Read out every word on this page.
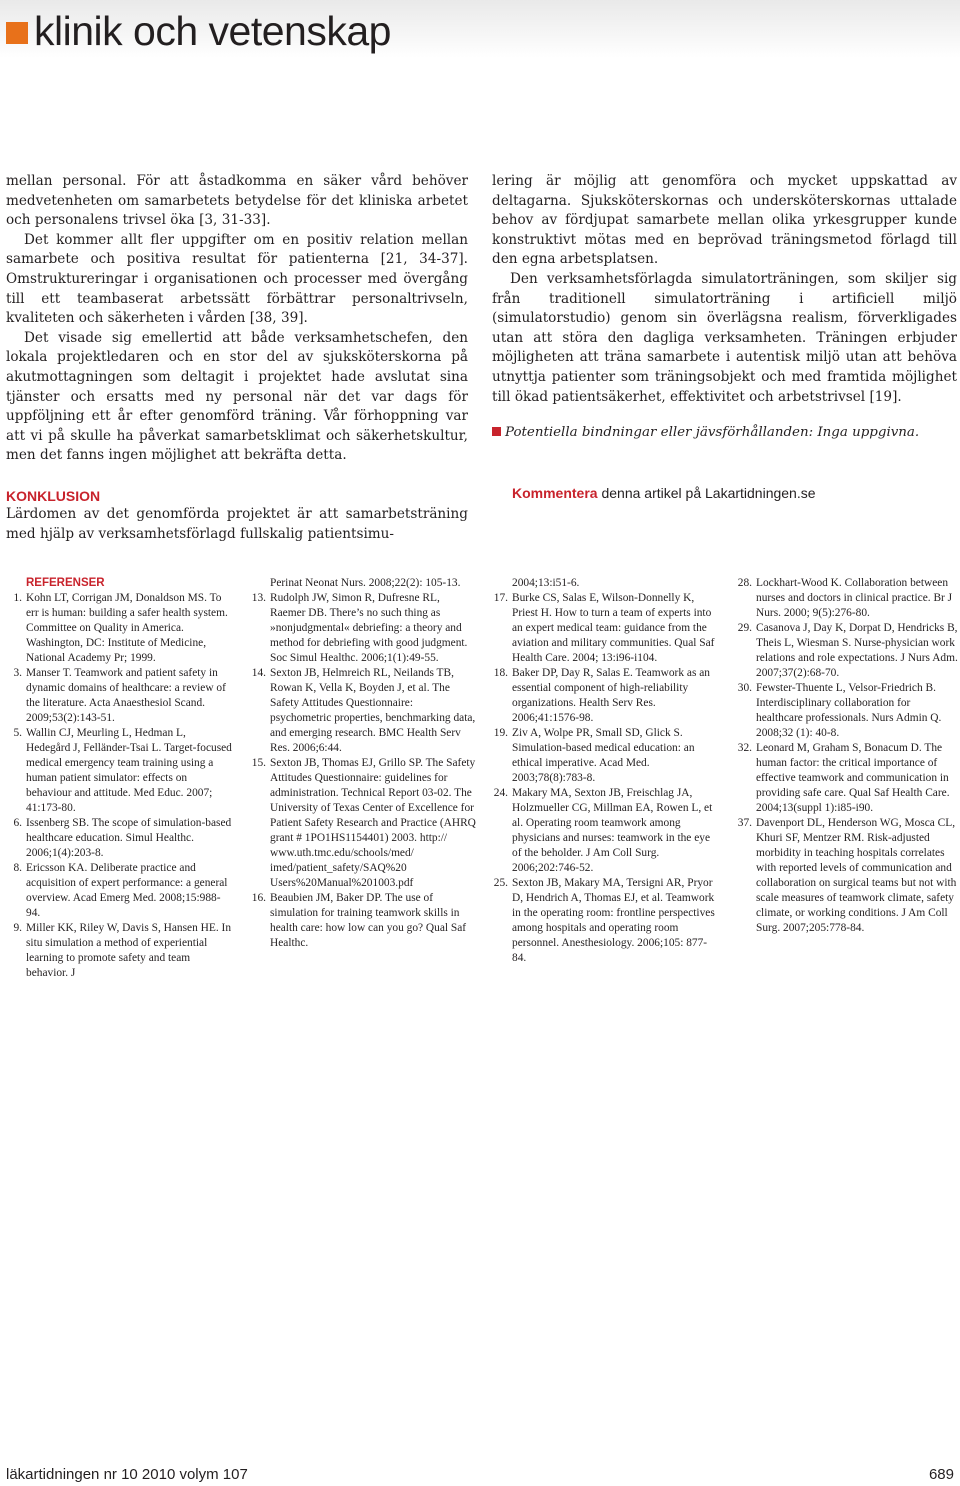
klinik och vetenskap

mellan personal. För att åstadkomma en säker vård behöver medvetenheten om samarbetets betydelse för det kliniska arbetet och personalens trivsel öka [3, 31-33].

Det kommer allt fler uppgifter om en positiv relation mellan samarbete och positiva resultat för patienterna [21, 34-37]. Omstruktureringar i organisationen och processer med övergång till ett teambaserat arbetssätt förbättrar personaltrivseln, kvaliteten och säkerheten i vården [38, 39].

Det visade sig emellertid att både verksamhetschefen, den lokala projektledaren och en stor del av sjuksköterskorna på akutmottagningen som deltagit i projektet hade avslutat sina tjänster och ersatts med ny personal när det var dags för uppföljning ett år efter genomförd träning. Vår förhoppning var att vi på skulle ha påverkat samarbetsklimat och säkerhetskultur, men det fanns ingen möjlighet att bekräfta detta.

KONKLUSION

Lärdomen av det genomförda projektet är att samarbetsträning med hjälp av verksamhetsförlagd fullskalig patientsimu-

lering är möjlig att genomföra och mycket uppskattad av deltagarna. Sjuksköterskornas och undersköterskornas uttalade behov av fördjupat samarbete mellan olika yrkesgrupper kunde konstruktivt mötas med en beprövad träningsmetod förlagd till den egna arbetsplatsen.

Den verksamhetsförlagda simulatorträningen, som skiljer sig från traditionell simulatorträning i artificiell miljö (simulatorstudio) genom sin överlägsna realism, förverkligades utan att störa den dagliga verksamheten. Träningen erbjuder möjligheten att träna samarbete i autentisk miljö utan att behöva utnyttja patienter som träningsobjekt och med framtida möjlighet till ökad patientsäkerhet, effektivitet och arbetstrivsel [19].

Potentiella bindningar eller jävsförhållanden: Inga uppgivna.
Kommentera denna artikel på Lakartidningen.se
REFERENSER
1 . Kohn LT, Corrigan JM, Donaldson MS. To err is human: building a safer health system. Committee on Quality in America. Washington, DC: Institute of Medicine, National Academy Pr; 1999.
3 . Manser T. Teamwork and patient safety in dynamic domains of healthcare: a review of the literature. Acta Anaesthesiol Scand. 2009;53(2):143-51.
5 . Wallin CJ, Meurling L, Hedman L, Hedegård J, Felländer-Tsai L. Target-focused medical emergency team training using a human patient simulator: effects on behaviour and attitude. Med Educ. 2007; 41:173-80.
6 . Issenberg SB. The scope of simulation-based healthcare education. Simul Healthc. 2006;1(4):203-8.
8 . Ericsson KA. Deliberate practice and acquisition of expert performance: a general overview. Acad Emerg Med. 2008;15:988-94.
9 . Miller KK, Riley W, Davis S, Hansen HE. In situ simulation a method of experiential learning to promote safety and team behavior. J
Perinat Neonat Nurs. 2008;22(2): 105-13.
13 . Rudolph JW, Simon R, Dufresne RL, Raemer DB. There’s no such thing as »nonjudgmental« debriefing: a theory and method for debriefing with good judgment. Soc Simul Healthc. 2006;1(1):49-55.
14 . Sexton JB, Helmreich RL, Neilands TB, Rowan K, Vella K, Boyden J, et al. The Safety Attitudes Questionnaire: psychometric properties, benchmarking data, and emerging research. BMC Health Serv Res. 2006;6:44.
15 . Sexton JB, Thomas EJ, Grillo SP. The Safety Attitudes Questionnaire: guidelines for administration. Technical Report 03-02. The University of Texas Center of Excellence for Patient Safety Research and Practice (AHRQ grant # 1PO1HS1154401) 2003. http:// www.uth.tmc.edu/schools/med/ imed/patient_safety/SAQ%20 Users%20Manual%201003.pdf
16 . Beaubien JM, Baker DP. The use of simulation for training teamwork skills in health care: how low can you go? Qual Saf Healthc.
2004;13:i51-6.
17 . Burke CS, Salas E, Wilson-Donnelly K, Priest H. How to turn a team of experts into an expert medical team: guidance from the aviation and military communities. Qual Saf Health Care. 2004; 13:i96-i104.
18 . Baker DP, Day R, Salas E. Teamwork as an essential component of high-reliability organizations. Health Serv Res. 2006;41:1576-98.
19 . Ziv A, Wolpe PR, Small SD, Glick S. Simulation-based medical education: an ethical imperative. Acad Med. 2003;78(8):783-8.
24 . Makary MA, Sexton JB, Freischlag JA, Holzmueller CG, Millman EA, Rowen L, et al. Operating room teamwork among physicians and nurses: teamwork in the eye of the beholder. J Am Coll Surg. 2006;202:746-52.
25 . Sexton JB, Makary MA, Tersigni AR, Pryor D, Hendrich A, Thomas EJ, et al. Teamwork in the operating room: frontline perspectives among hospitals and operating room personnel. Anesthesiology. 2006;105: 877-84.
28 . Lockhart-Wood K. Collaboration between nurses and doctors in clinical practice. Br J Nurs. 2000; 9(5):276-80.
29 . Casanova J, Day K, Dorpat D, Hendricks B, Theis L, Wiesman S. Nurse-physician work relations and role expectations. J Nurs Adm. 2007;37(2):68-70.
30 . Fewster-Thuente L, Velsor-Friedrich B. Interdisciplinary collaboration for healthcare professionals. Nurs Admin Q. 2008;32 (1): 40-8.
32 . Leonard M, Graham S, Bonacum D. The human factor: the critical importance of effective teamwork and communication in providing safe care. Qual Saf Health Care. 2004;13(suppl 1):i85-i90.
37 . Davenport DL, Henderson WG, Mosca CL, Khuri SF, Mentzer RM. Risk-adjusted morbidity in teaching hospitals correlates with reported levels of communication and collaboration on surgical teams but not with scale measures of teamwork climate, safety climate, or working conditions. J Am Coll Surg. 2007;205:778-84.
läkartidningen nr 10 2010 volym 107	689
